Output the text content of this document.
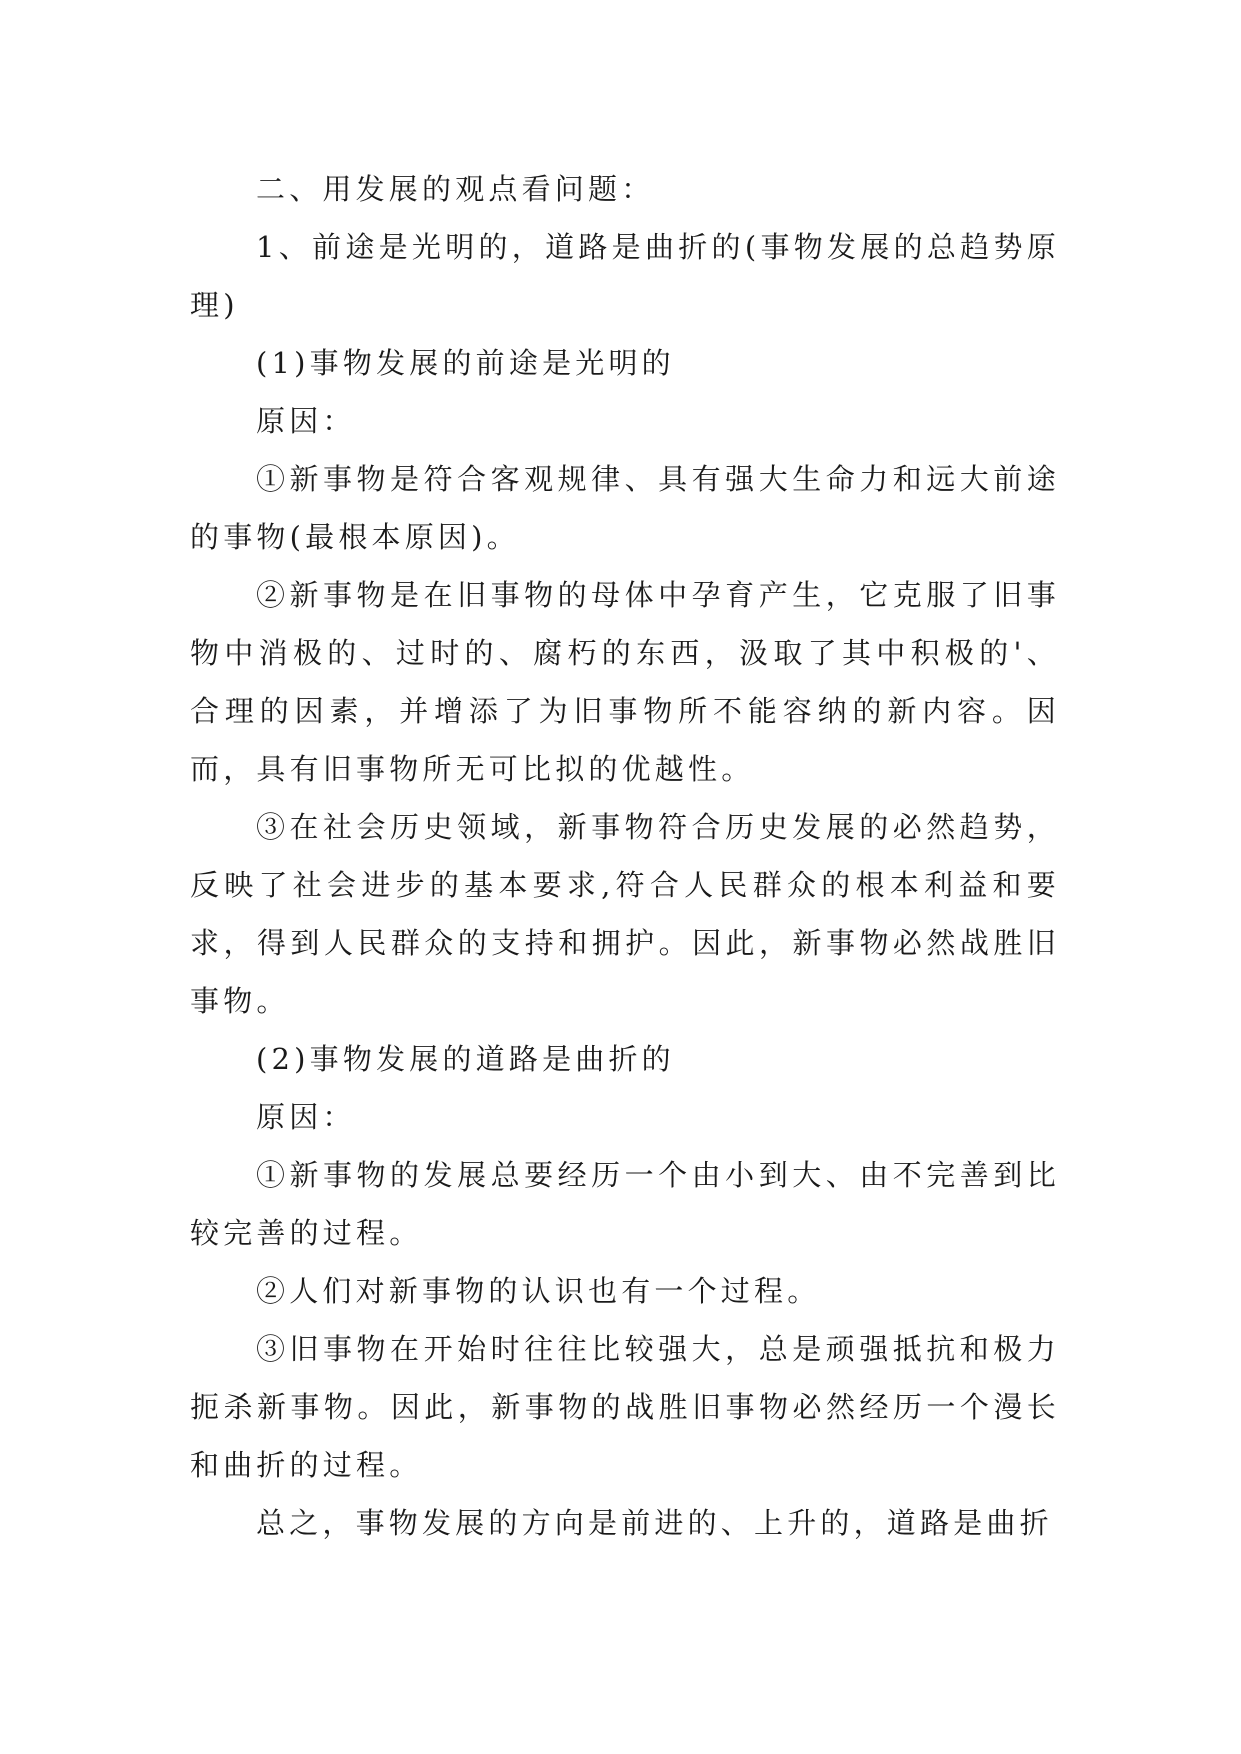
二、用发展的观点看问题：

1、前途是光明的，道路是曲折的(事物发展的总趋势原理)

(1)事物发展的前途是光明的

原因：

①新事物是符合客观规律、具有强大生命力和远大前途的事物(最根本原因)。

②新事物是在旧事物的母体中孕育产生，它克服了旧事物中消极的、过时的、腐朽的东西，汲取了其中积极的'、合理的因素，并增添了为旧事物所不能容纳的新内容。因而，具有旧事物所无可比拟的优越性。

③在社会历史领域，新事物符合历史发展的必然趋势，反映了社会进步的基本要求,符合人民群众的根本利益和要求，得到人民群众的支持和拥护。因此，新事物必然战胜旧事物。

(2)事物发展的道路是曲折的

原因：

①新事物的发展总要经历一个由小到大、由不完善到比较完善的过程。

②人们对新事物的认识也有一个过程。

③旧事物在开始时往往比较强大，总是顽强抵抗和极力扼杀新事物。因此，新事物的战胜旧事物必然经历一个漫长和曲折的过程。

总之，事物发展的方向是前进的、上升的，道路是曲折
